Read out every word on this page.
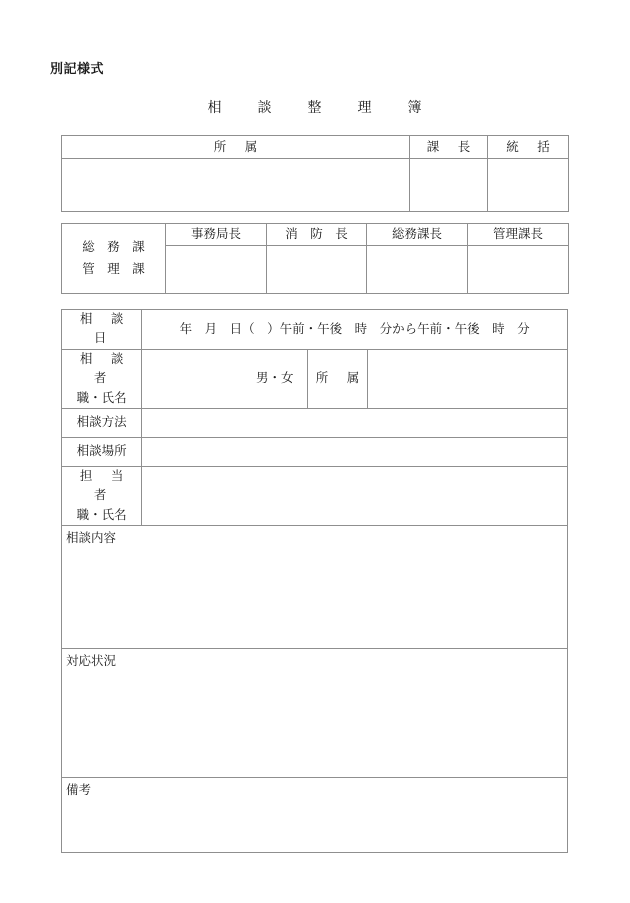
別記様式
相　談　整　理　簿
所　属	課　長	統　括

総　務　課
管　理　課	事務局長	消　防　長	総務課長	管理課長

相　談　日	年　月　日（　）午前・午後　時　分から午前・午後　時　分		

相　談　者
職・氏名	男・女	所　属	
相談方法			
相談場所			

担　当　者
職・氏名			

相談内容			

対応状況			

備考			
